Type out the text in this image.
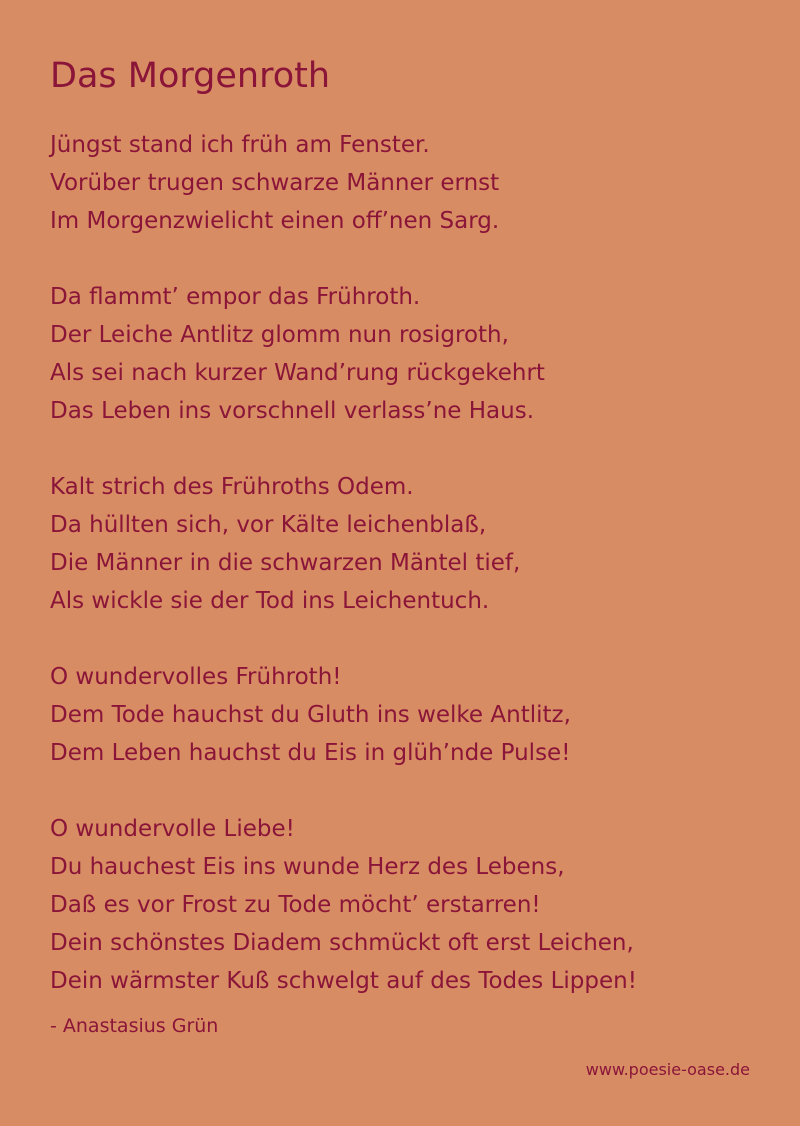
Das Morgenroth
Jüngst stand ich früh am Fenster.
Vorüber trugen schwarze Männer ernst
Im Morgenzwielicht einen off’nen Sarg.
Da flammt’ empor das Frühroth.
Der Leiche Antlitz glomm nun rosigroth,
Als sei nach kurzer Wand’rung rückgekehrt
Das Leben ins vorschnell verlass’ne Haus.
Kalt strich des Frühroths Odem.
Da hüllten sich, vor Kälte leichenblaß,
Die Männer in die schwarzen Mäntel tief,
Als wickle sie der Tod ins Leichentuch.
O wundervolles Frühroth!
Dem Tode hauchst du Gluth ins welke Antlitz,
Dem Leben hauchst du Eis in glüh’nde Pulse!
O wundervolle Liebe!
Du hauchest Eis ins wunde Herz des Lebens,
Daß es vor Frost zu Tode möcht’ erstarren!
Dein schönstes Diadem schmückt oft erst Leichen,
Dein wärmster Kuß schwelgt auf des Todes Lippen!
- Anastasius Grün
www.poesie-oase.de
